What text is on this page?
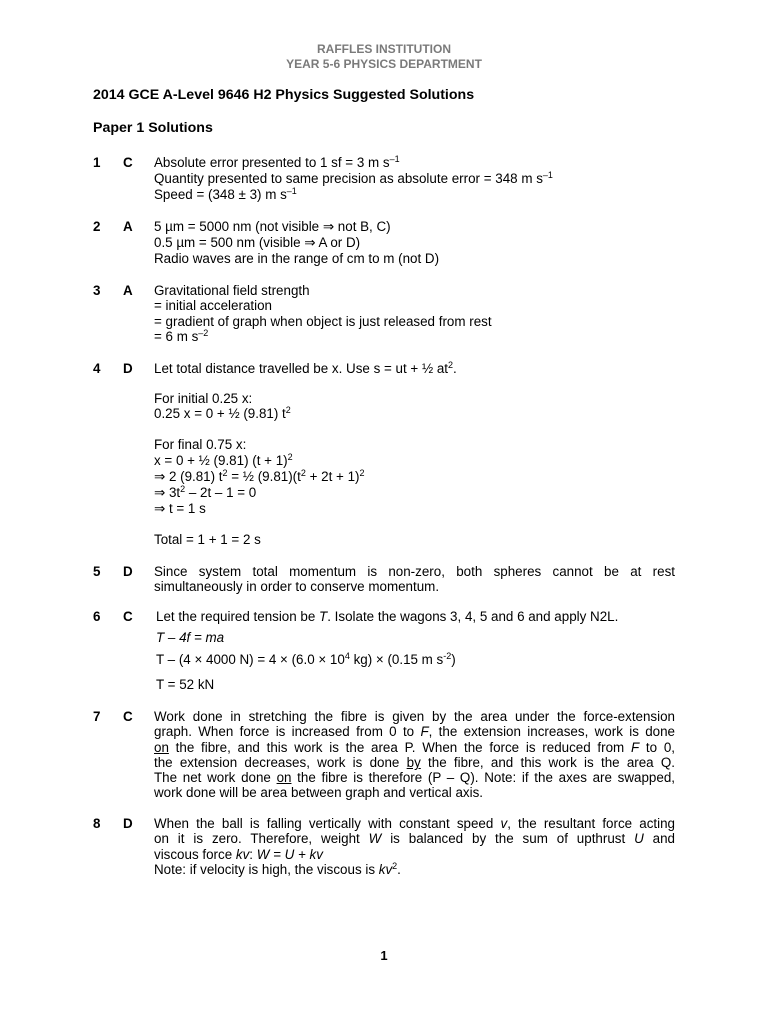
RAFFLES INSTITUTION
YEAR 5-6 PHYSICS DEPARTMENT
2014 GCE A-Level 9646 H2 Physics Suggested Solutions
Paper 1 Solutions
1 C Absolute error presented to 1 sf = 3 m $s^{-1}$
Quantity presented to same precision as absolute error = 348 m $s^{-1}$
Speed = (348 ± 3) m $s^{-1}$
2 A 5 µm = 5000 nm (not visible ⇒ not B, C)
0.5 µm = 500 nm (visible ⇒ A or D)
Radio waves are in the range of cm to m (not D)
3 A Gravitational field strength
= initial acceleration
= gradient of graph when object is just released from rest
= 6 m $s^{-2}$
4 D Let total distance travelled be x. Use s = ut + ½ $at^2$.
For initial 0.25 x:
0.25 x = 0 + ½ (9.81) $t^2$
For final 0.75 x:
x = 0 + ½ (9.81) $(t + 1)^2$
⇒ 2 (9.81) $t^2$ = ½ $(9.81)(t^2 + 2t + 1)^2$
⇒ $3t^2 - 2t - 1 = 0$
⇒ t = 1 s
Total = 1 + 1 = 2 s
5 D Since system total momentum is non-zero, both spheres cannot be at rest
simultaneously in order to conserve momentum.
6 C Let the required tension be T. Isolate the wagons 3, 4, 5 and 6 and apply N2L.
T – 4f = ma
T – (4 × 4000 $N) = 4 \times (6.0 \times 10^4$ kg) × (0.15 m $s^{-2}$)
T = 52 kN
7 C Work done in stretching the fibre is given by the area under the force-extension
graph. When force is increased from 0 to F, the extension increases, work is done
on the fibre, and this work is the area P. When the force is reduced from F to 0,
the extension decreases, work is done by the fibre, and this work is the area Q.
The net work done on the fibre is therefore (P – Q). Note: if the axes are swapped,
work done will be area between graph and vertical axis.
8 D When the ball is falling vertically with constant speed v, the resultant force acting
on it is zero. Therefore, weight W is balanced by the sum of upthrust U and
viscous force kv: W = U + kv
Note: if velocity is high, the viscous is $kv^2$.
1
